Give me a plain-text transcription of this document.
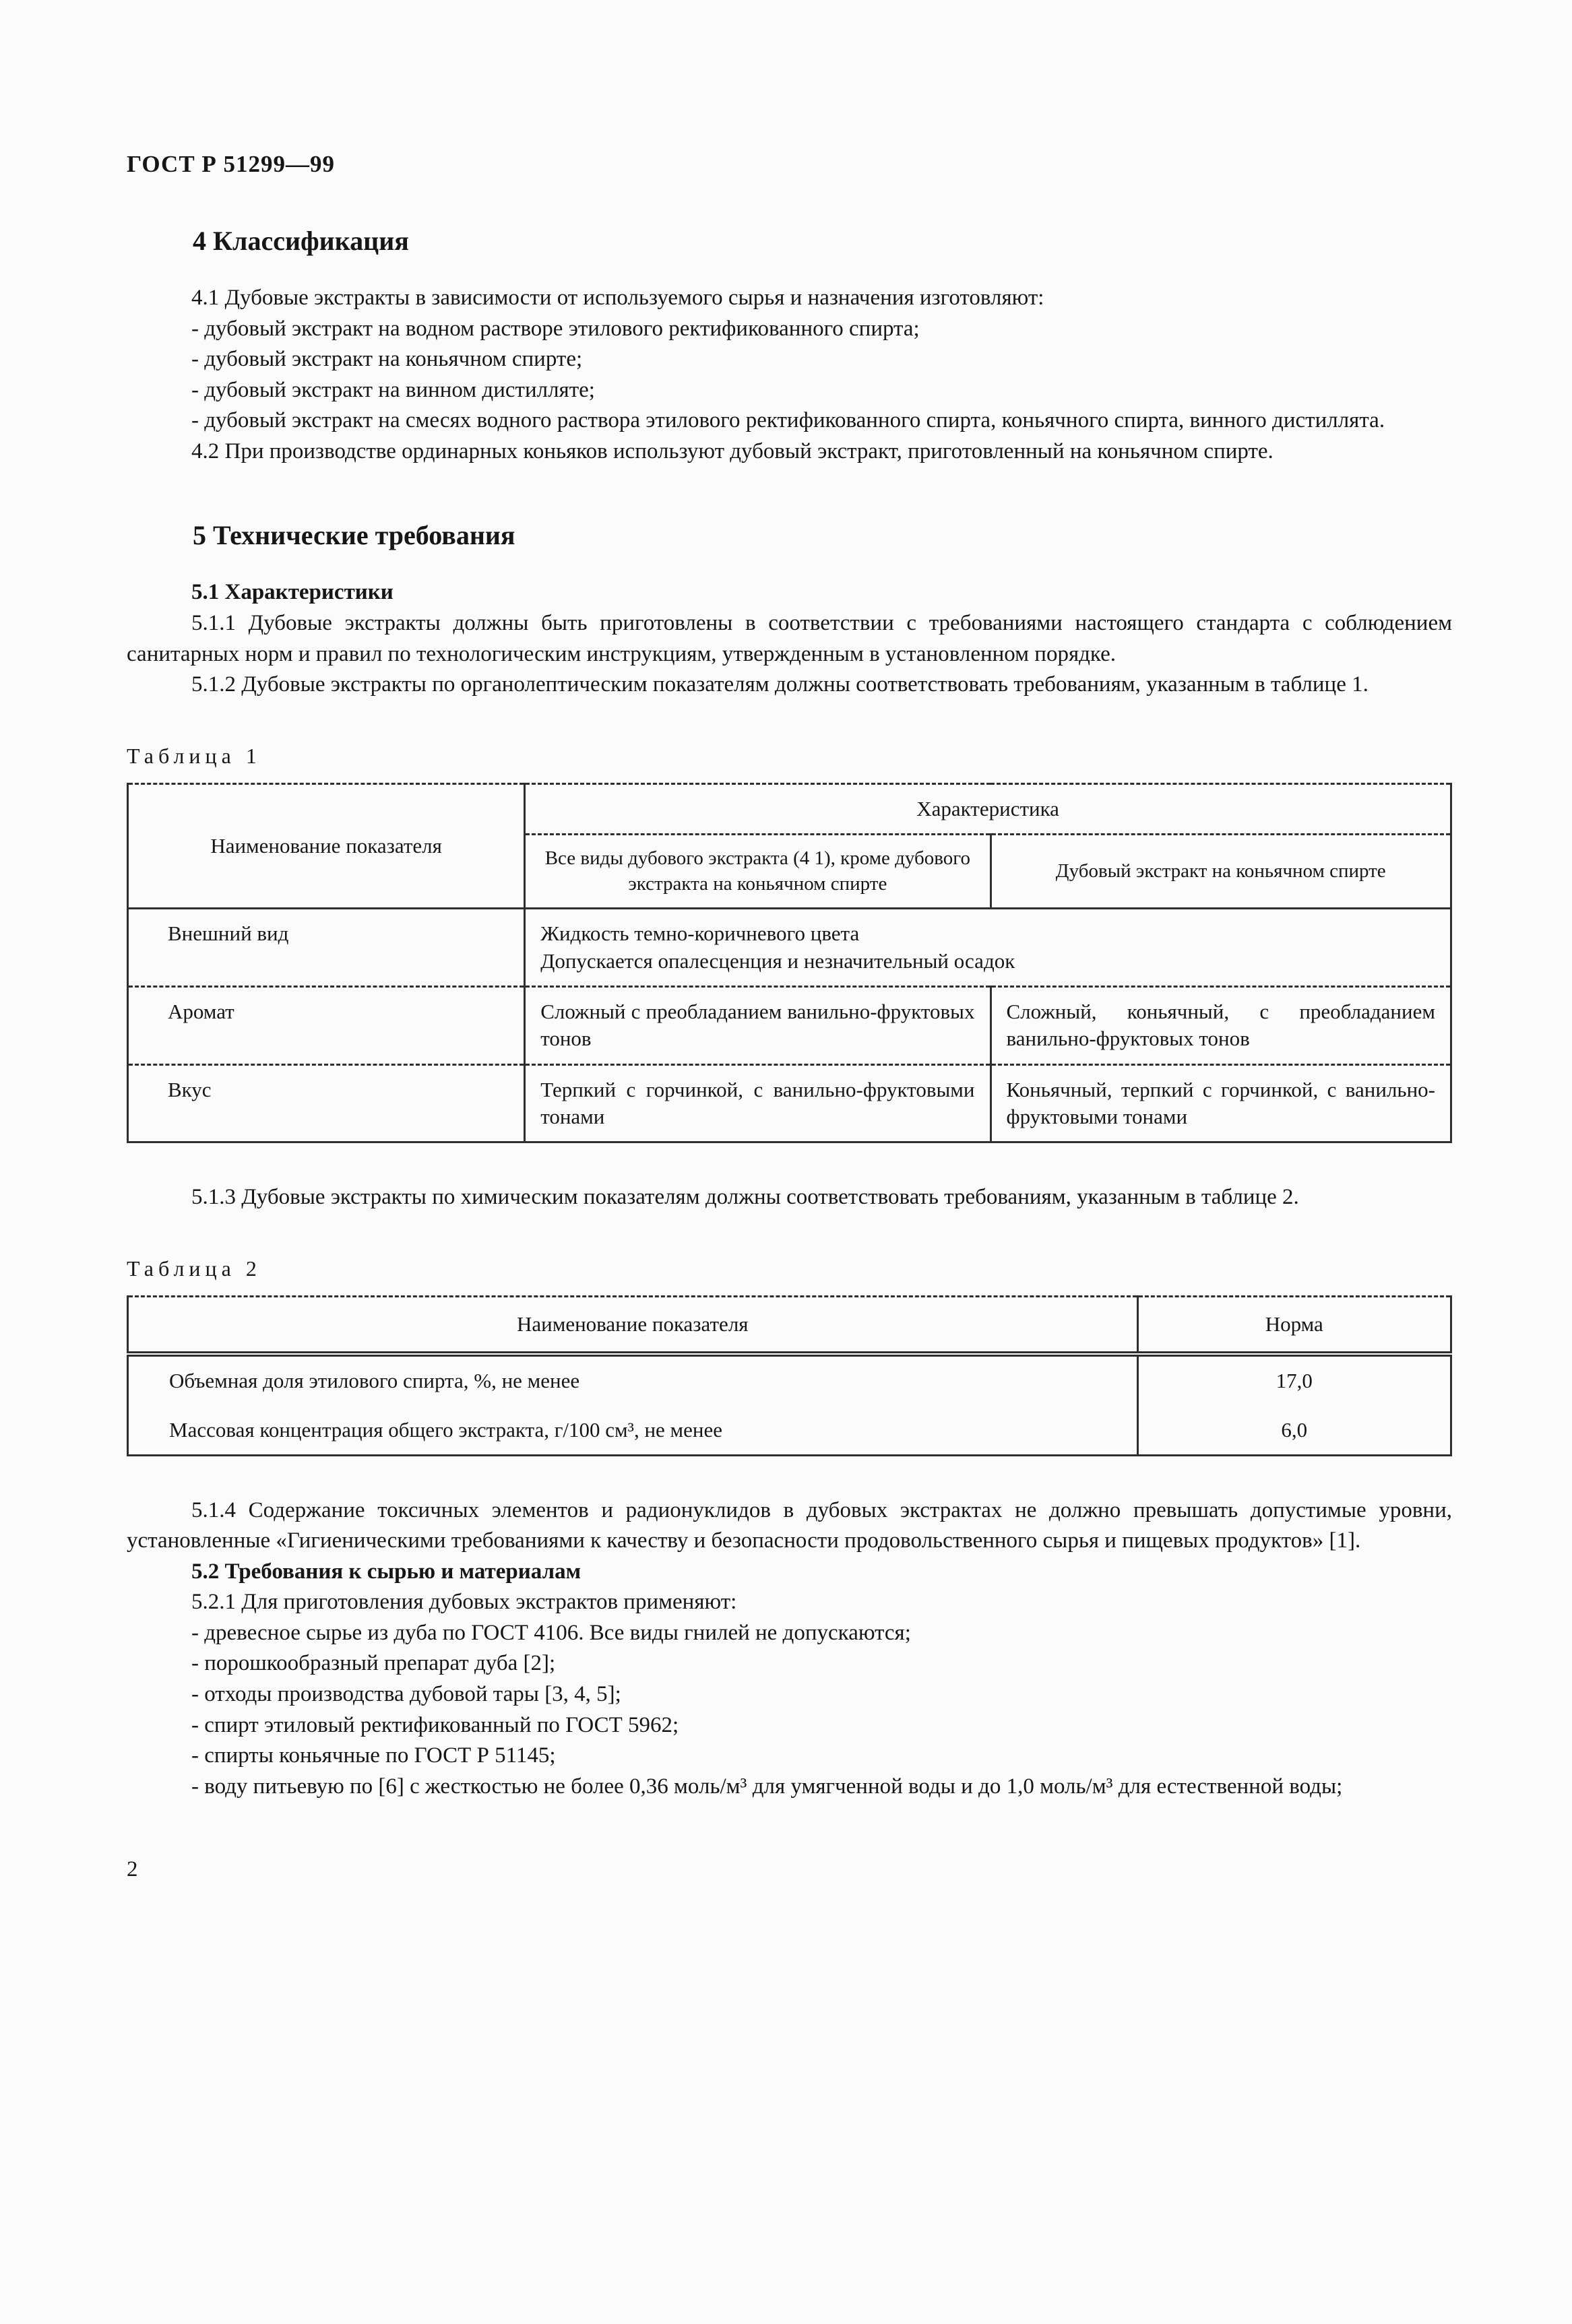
ГОСТ Р 51299—99
4 Классификация

4.1 Дубовые экстракты в зависимости от используемого сырья и назначения изготовляют:

- дубовый экстракт на водном растворе этилового ректификованного спирта;

- дубовый экстракт на коньячном спирте;

- дубовый экстракт на винном дистилляте;

- дубовый экстракт на смесях водного раствора этилового ректификованного спирта, коньячного спирта, винного дистиллята.

4.2 При производстве ординарных коньяков используют дубовый экстракт, приготовленный на коньячном спирте.

5 Технические требования

5.1 Характеристики

5.1.1 Дубовые экстракты должны быть приготовлены в соответствии с требованиями настоящего стандарта с соблюдением санитарных норм и правил по технологическим инструкциям, утвержденным в установленном порядке.

5.1.2 Дубовые экстракты по органолептическим показателям должны соответствовать требованиям, указанным в таблице 1.

Таблица 1

Наименование показателя	Характеристика	
	Все виды дубового экстракта (4 1), кроме дубового экстракта на коньячном спирте	Дубовый экстракт на коньячном спирте
Внешний вид	Жидкость темно-коричневого цвета
Допускается опалесценция и незначительный осадок	

Аромат	Сложный с преобладанием ванильно-фруктовых тонов	Сложный, коньячный, с преобладанием ванильно-фруктовых тонов
Вкус	Терпкий с горчинкой, с ванильно-фруктовыми тонами	Коньячный, терпкий с горчинкой, с ванильно-фруктовыми тонами

5.1.3 Дубовые экстракты по химическим показателям должны соответствовать требованиям, указанным в таблице 2.

Таблица 2

Наименование показателя	Норма
Объемная доля этилового спирта, %, не менее	17,0
Массовая концентрация общего экстракта, г/100 см³, не менее	6,0

5.1.4 Содержание токсичных элементов и радионуклидов в дубовых экстрактах не должно превышать допустимые уровни, установленные «Гигиеническими требованиями к качеству и безопасности продовольственного сырья и пищевых продуктов» [1].

5.2 Требования к сырью и материалам

5.2.1 Для приготовления дубовых экстрактов применяют:

- древесное сырье из дуба по ГОСТ 4106. Все виды гнилей не допускаются;

- порошкообразный препарат дуба [2];

- отходы производства дубовой тары [3, 4, 5];

- спирт этиловый ректификованный по ГОСТ 5962;

- спирты коньячные по ГОСТ Р 51145;

- воду питьевую по [6] с жесткостью не более 0,36 моль/м³ для умягченной воды и до 1,0 моль/м³ для естественной воды;

2
